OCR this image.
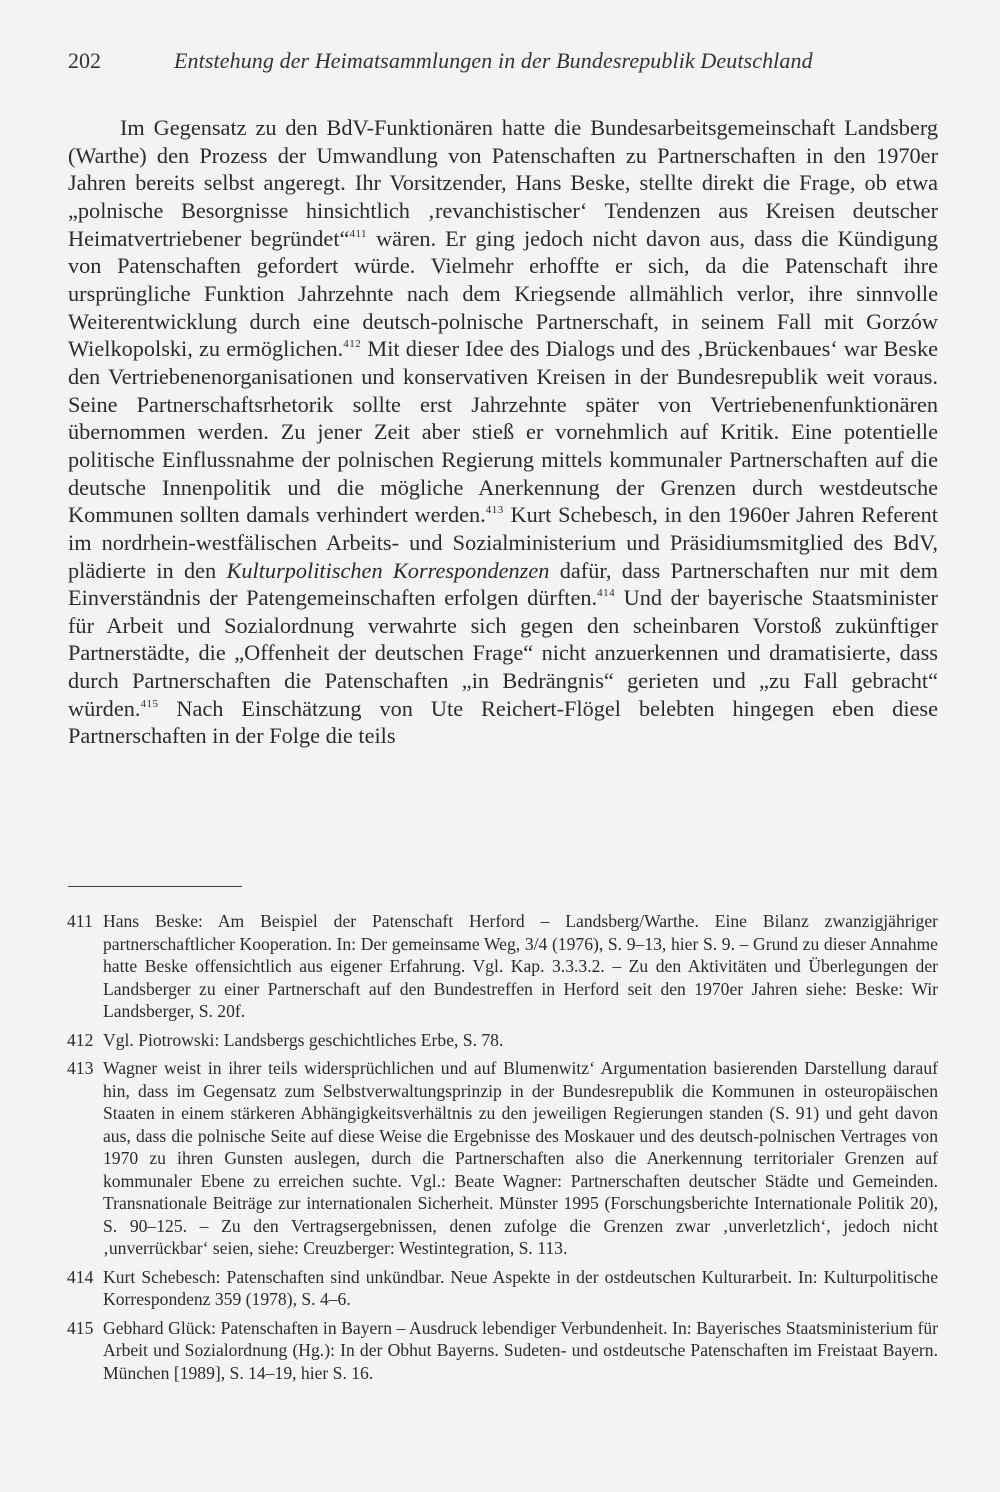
202	Entstehung der Heimatsammlungen in der Bundesrepublik Deutschland

Im Gegensatz zu den BdV-Funktionären hatte die Bundesarbeitsgemeinschaft Landsberg (Warthe) den Prozess der Umwandlung von Patenschaften zu Partnerschaften in den 1970er Jahren bereits selbst angeregt. Ihr Vorsitzender, Hans Beske, stellte direkt die Frage, ob etwa „polnische Besorgnisse hinsichtlich ‚revanchistischer‘ Tendenzen aus Kreisen deutscher Heimatvertriebener begründet“$^{411}$ wären. Er ging jedoch nicht davon aus, dass die Kündigung von Patenschaften gefordert würde. Vielmehr erhoffte er sich, da die Patenschaft ihre ursprüngliche Funktion Jahrzehnte nach dem Kriegsende allmählich verlor, ihre sinnvolle Weiterentwicklung durch eine deutsch-polnische Partnerschaft, in seinem Fall mit Gorzów Wielkopolski, zu ermöglichen.$^{412}$ Mit dieser Idee des Dialogs und des ‚Brückenbaues‘ war Beske den Vertriebenenorganisationen und konservativen Kreisen in der Bundesrepublik weit voraus. Seine Partnerschaftsrhetorik sollte erst Jahrzehnte später von Vertriebenenfunktionären übernommen werden. Zu jener Zeit aber stieß er vornehmlich auf Kritik. Eine potentielle politische Einflussnahme der polnischen Regierung mittels kommunaler Partnerschaften auf die deutsche Innenpolitik und die mögliche Anerkennung der Grenzen durch westdeutsche Kommunen sollten damals verhindert werden.$^{413}$ Kurt Schebesch, in den 1960er Jahren Referent im nordrhein-westfälischen Arbeits- und Sozialministerium und Präsidiumsmitglied des BdV, plädierte in den Kulturpolitischen Korrespondenzen dafür, dass Partnerschaften nur mit dem Einverständnis der Patengemeinschaften erfolgen dürften.$^{414}$ Und der bayerische Staatsminister für Arbeit und Sozialordnung verwahrte sich gegen den scheinbaren Vorstoß zukünftiger Partnerstädte, die „Offenheit der deutschen Frage“ nicht anzuerkennen und dramatisierte, dass durch Partnerschaften die Patenschaften „in Bedrängnis“ gerieten und „zu Fall gebracht“ würden.$^{415}$ Nach Einschätzung von Ute Reichert-Flögel belebten hingegen eben diese Partnerschaften in der Folge die teils

411 Hans Beske: Am Beispiel der Patenschaft Herford – Landsberg/Warthe. Eine Bilanz zwanzigjähriger partnerschaftlicher Kooperation. In: Der gemeinsame Weg, 3/4 (1976), S. 9–13, hier S. 9. – Grund zu dieser Annahme hatte Beske offensichtlich aus eigener Erfahrung. Vgl. Kap. 3.3.3.2. – Zu den Aktivitäten und Überlegungen der Landsberger zu einer Partnerschaft auf den Bundestreffen in Herford seit den 1970er Jahren siehe: Beske: Wir Landsberger, S. 20f.
412 Vgl. Piotrowski: Landsbergs geschichtliches Erbe, S. 78.
413 Wagner weist in ihrer teils widersprüchlichen und auf Blumenwitz‘ Argumentation basierenden Darstellung darauf hin, dass im Gegensatz zum Selbstverwaltungsprinzip in der Bundesrepublik die Kommunen in osteuropäischen Staaten in einem stärkeren Abhängigkeitsverhältnis zu den jeweiligen Regierungen standen (S. 91) und geht davon aus, dass die polnische Seite auf diese Weise die Ergebnisse des Moskauer und des deutsch-polnischen Vertrages von 1970 zu ihren Gunsten auslegen, durch die Partnerschaften also die Anerkennung territorialer Grenzen auf kommunaler Ebene zu erreichen suchte. Vgl.: Beate Wagner: Partnerschaften deutscher Städte und Gemeinden. Transnationale Beiträge zur internationalen Sicherheit. Münster 1995 (Forschungsberichte Internationale Politik 20), S. 90–125. – Zu den Vertragsergebnissen, denen zufolge die Grenzen zwar ‚unverletzlich‘, jedoch nicht ‚unverrückbar‘ seien, siehe: Creuzberger: Westintegration, S. 113.
414 Kurt Schebesch: Patenschaften sind unkündbar. Neue Aspekte in der ostdeutschen Kulturarbeit. In: Kulturpolitische Korrespondenz 359 (1978), S. 4–6.
415 Gebhard Glück: Patenschaften in Bayern – Ausdruck lebendiger Verbundenheit. In: Bayerisches Staatsministerium für Arbeit und Sozialordnung (Hg.): In der Obhut Bayerns. Sudeten- und ostdeutsche Patenschaften im Freistaat Bayern. München [1989], S. 14–19, hier S. 16.
